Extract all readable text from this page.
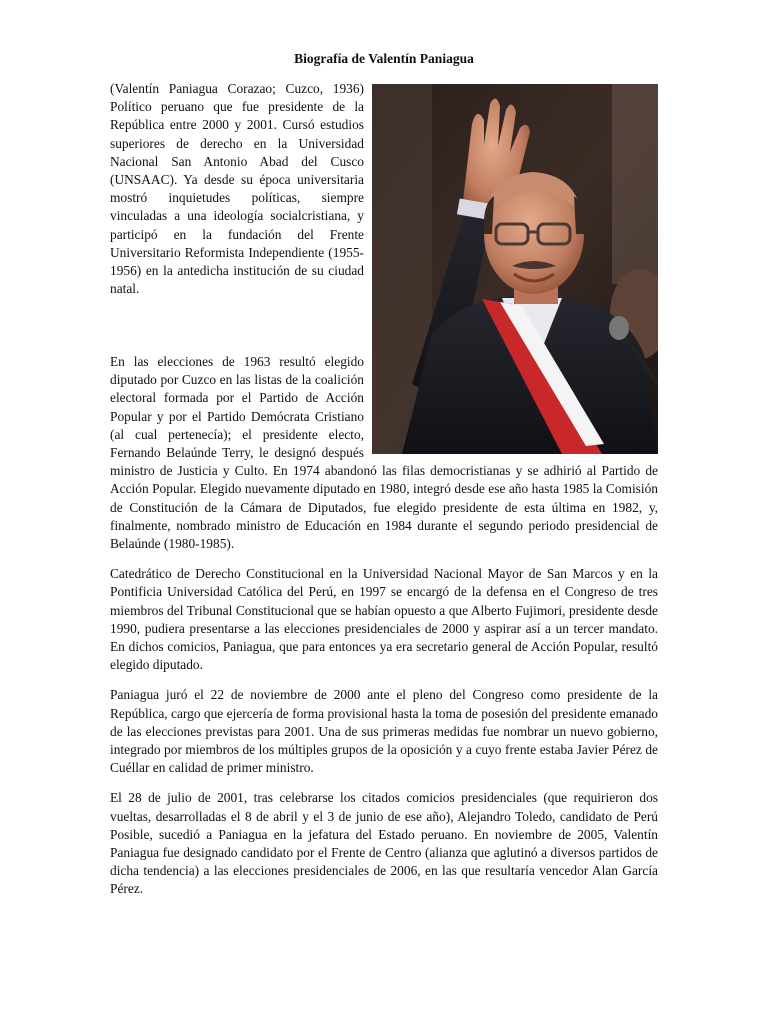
Biografía de Valentín Paniagua

(Valentín Paniagua Corazao; Cuzco, 1936) Político peruano que fue presidente de la República entre 2000 y 2001. Cursó estudios superiores de derecho en la Universidad Nacional San Antonio Abad del Cusco (UNSAAC). Ya desde su época universitaria mostró inquietudes políticas, siempre vinculadas a una ideología socialcristiana, y participó en la fundación del Frente Universitario Reformista Independiente (1955-1956) en la antedicha institución de su ciudad natal.

En las elecciones de 1963 resultó elegido diputado por Cuzco en las listas de la coalición electoral formada por el Partido de Acción Popular y por el Partido Demócrata Cristiano (al cual pertenecía); el presidente electo, Fernando Belaúnde Terry, le designó después ministro de Justicia y Culto. En 1974 abandonó las filas democristianas y se adhirió al Partido de Acción Popular. Elegido nuevamente diputado en 1980, integró desde ese año hasta 1985 la Comisión de Constitución de la Cámara de Diputados, fue elegido presidente de esta última en 1982, y, finalmente, nombrado ministro de Educación en 1984 durante el segundo periodo presidencial de Belaúnde (1980-1985).

Catedrático de Derecho Constitucional en la Universidad Nacional Mayor de San Marcos y en la Pontificia Universidad Católica del Perú, en 1997 se encargó de la defensa en el Congreso de tres miembros del Tribunal Constitucional que se habían opuesto a que Alberto Fujimori, presidente desde 1990, pudiera presentarse a las elecciones presidenciales de 2000 y aspirar así a un tercer mandato. En dichos comicios, Paniagua, que para entonces ya era secretario general de Acción Popular, resultó elegido diputado.

Paniagua juró el 22 de noviembre de 2000 ante el pleno del Congreso como presidente de la República, cargo que ejercería de forma provisional hasta la toma de posesión del presidente emanado de las elecciones previstas para 2001. Una de sus primeras medidas fue nombrar un nuevo gobierno, integrado por miembros de los múltiples grupos de la oposición y a cuyo frente estaba Javier Pérez de Cuéllar en calidad de primer ministro.

El 28 de julio de 2001, tras celebrarse los citados comicios presidenciales (que requirieron dos vueltas, desarrolladas el 8 de abril y el 3 de junio de ese año), Alejandro Toledo, candidato de Perú Posible, sucedió a Paniagua en la jefatura del Estado peruano. En noviembre de 2005, Valentín Paniagua fue designado candidato por el Frente de Centro (alianza que aglutinó a diversos partidos de dicha tendencia) a las elecciones presidenciales de 2006, en las que resultaría vencedor Alan García Pérez.
